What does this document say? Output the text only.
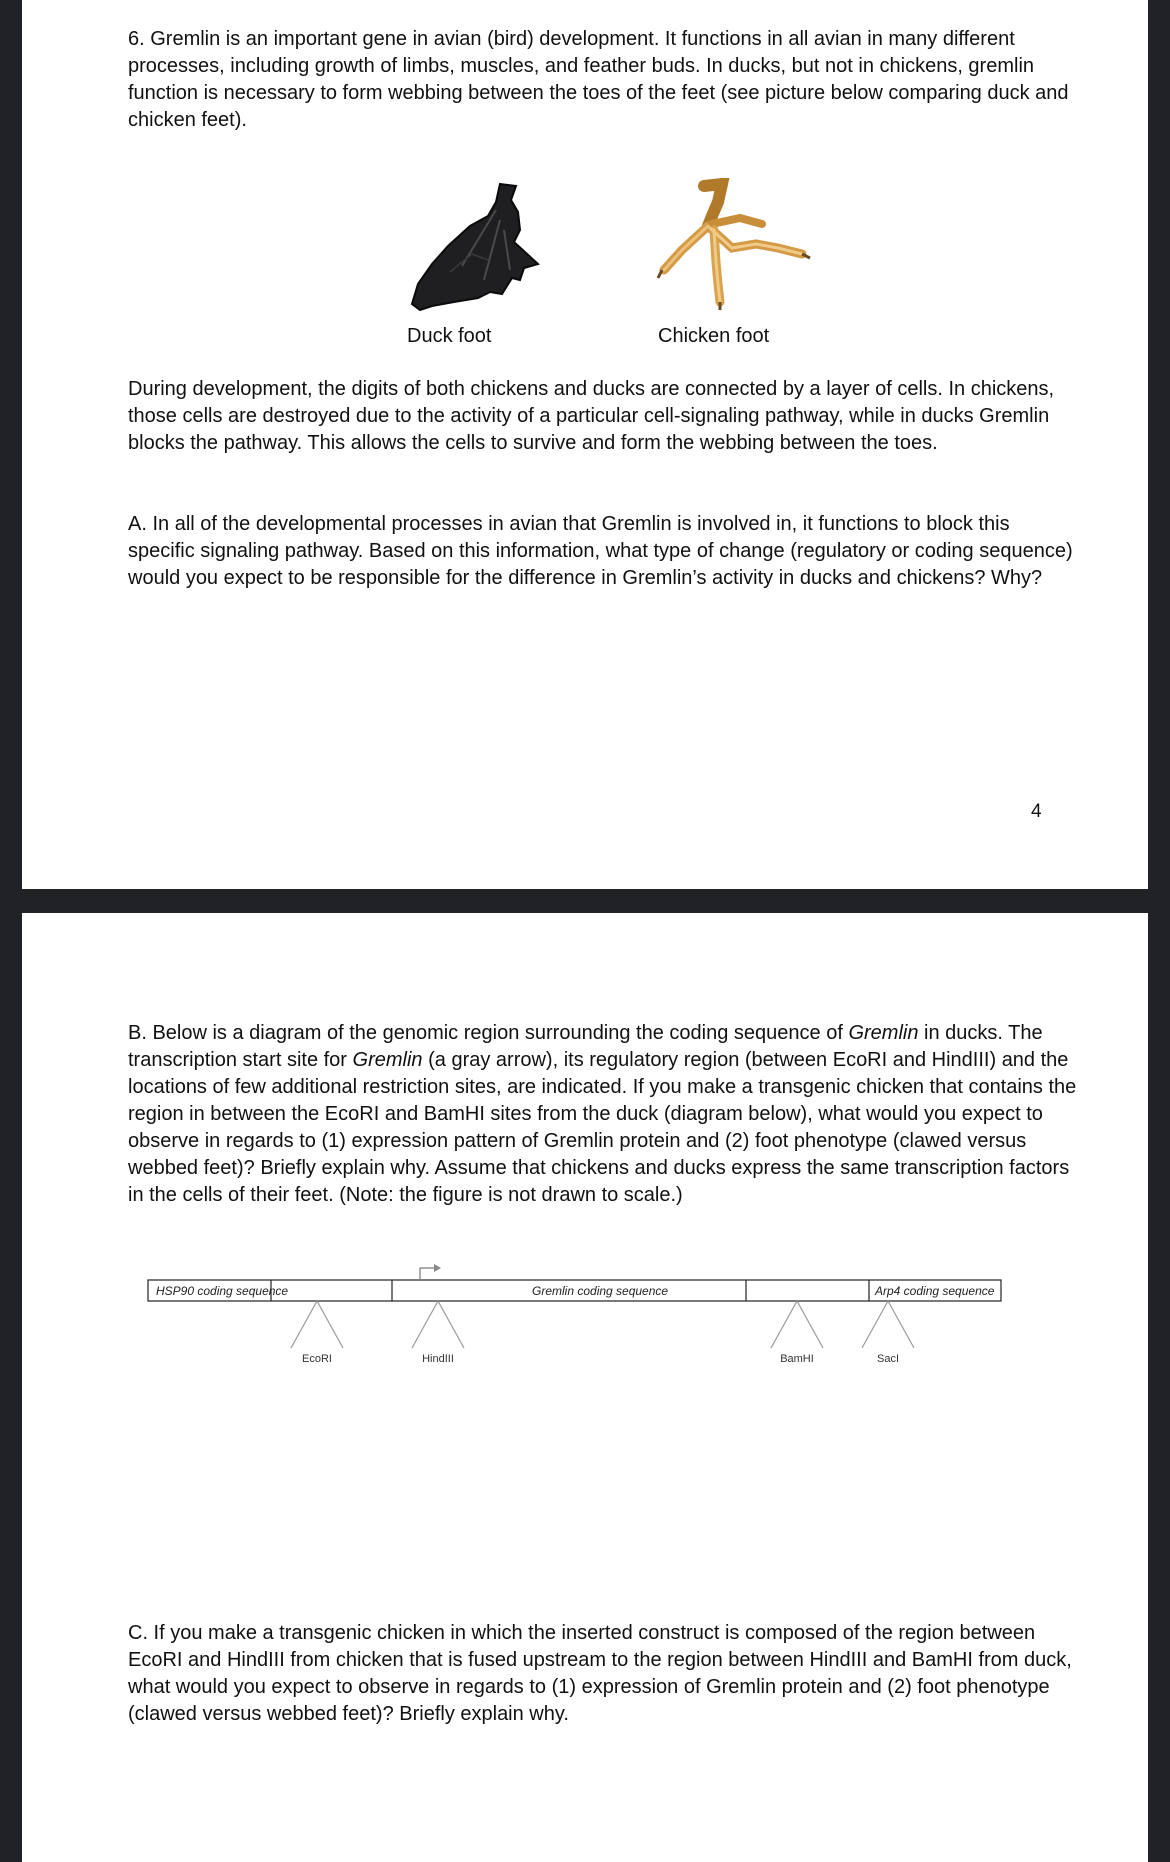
6. Gremlin is an important gene in avian (bird) development. It functions in all avian in many different processes, including growth of limbs, muscles, and feather buds. In ducks, but not in chickens, gremlin function is necessary to form webbing between the toes of the feet (see picture below comparing duck and chicken feet).

Duck foot	Chicken foot

During development, the digits of both chickens and ducks are connected by a layer of cells. In chickens, those cells are destroyed due to the activity of a particular cell-signaling pathway, while in ducks Gremlin blocks the pathway. This allows the cells to survive and form the webbing between the toes.

A. In all of the developmental processes in avian that Gremlin is involved in, it functions to block this specific signaling pathway. Based on this information, what type of change (regulatory or coding sequence) would you expect to be responsible for the difference in Gremlin’s activity in ducks and chickens? Why?

4

B. Below is a diagram of the genomic region surrounding the coding sequence of Gremlin in ducks. The transcription start site for Gremlin (a gray arrow), its regulatory region (between EcoRI and HindIII) and the locations of few additional restriction sites, are indicated. If you make a transgenic chicken that contains the region in between the EcoRI and BamHI sites from the duck (diagram below), what would you expect to observe in regards to (1) expression pattern of Gremlin protein and (2) foot phenotype (clawed versus webbed feet)? Briefly explain why. Assume that chickens and ducks express the same transcription factors in the cells of their feet. (Note: the figure is not drawn to scale.)

HSP90 coding sequence	Gremlin coding sequence	Arp4 coding sequence
EcoRI	HindIII	BamHI	SacI

C. If you make a transgenic chicken in which the inserted construct is composed of the region between EcoRI and HindIII from chicken that is fused upstream to the region between HindIII and BamHI from duck, what would you expect to observe in regards to (1) expression of Gremlin protein and (2) foot phenotype (clawed versus webbed feet)? Briefly explain why.
